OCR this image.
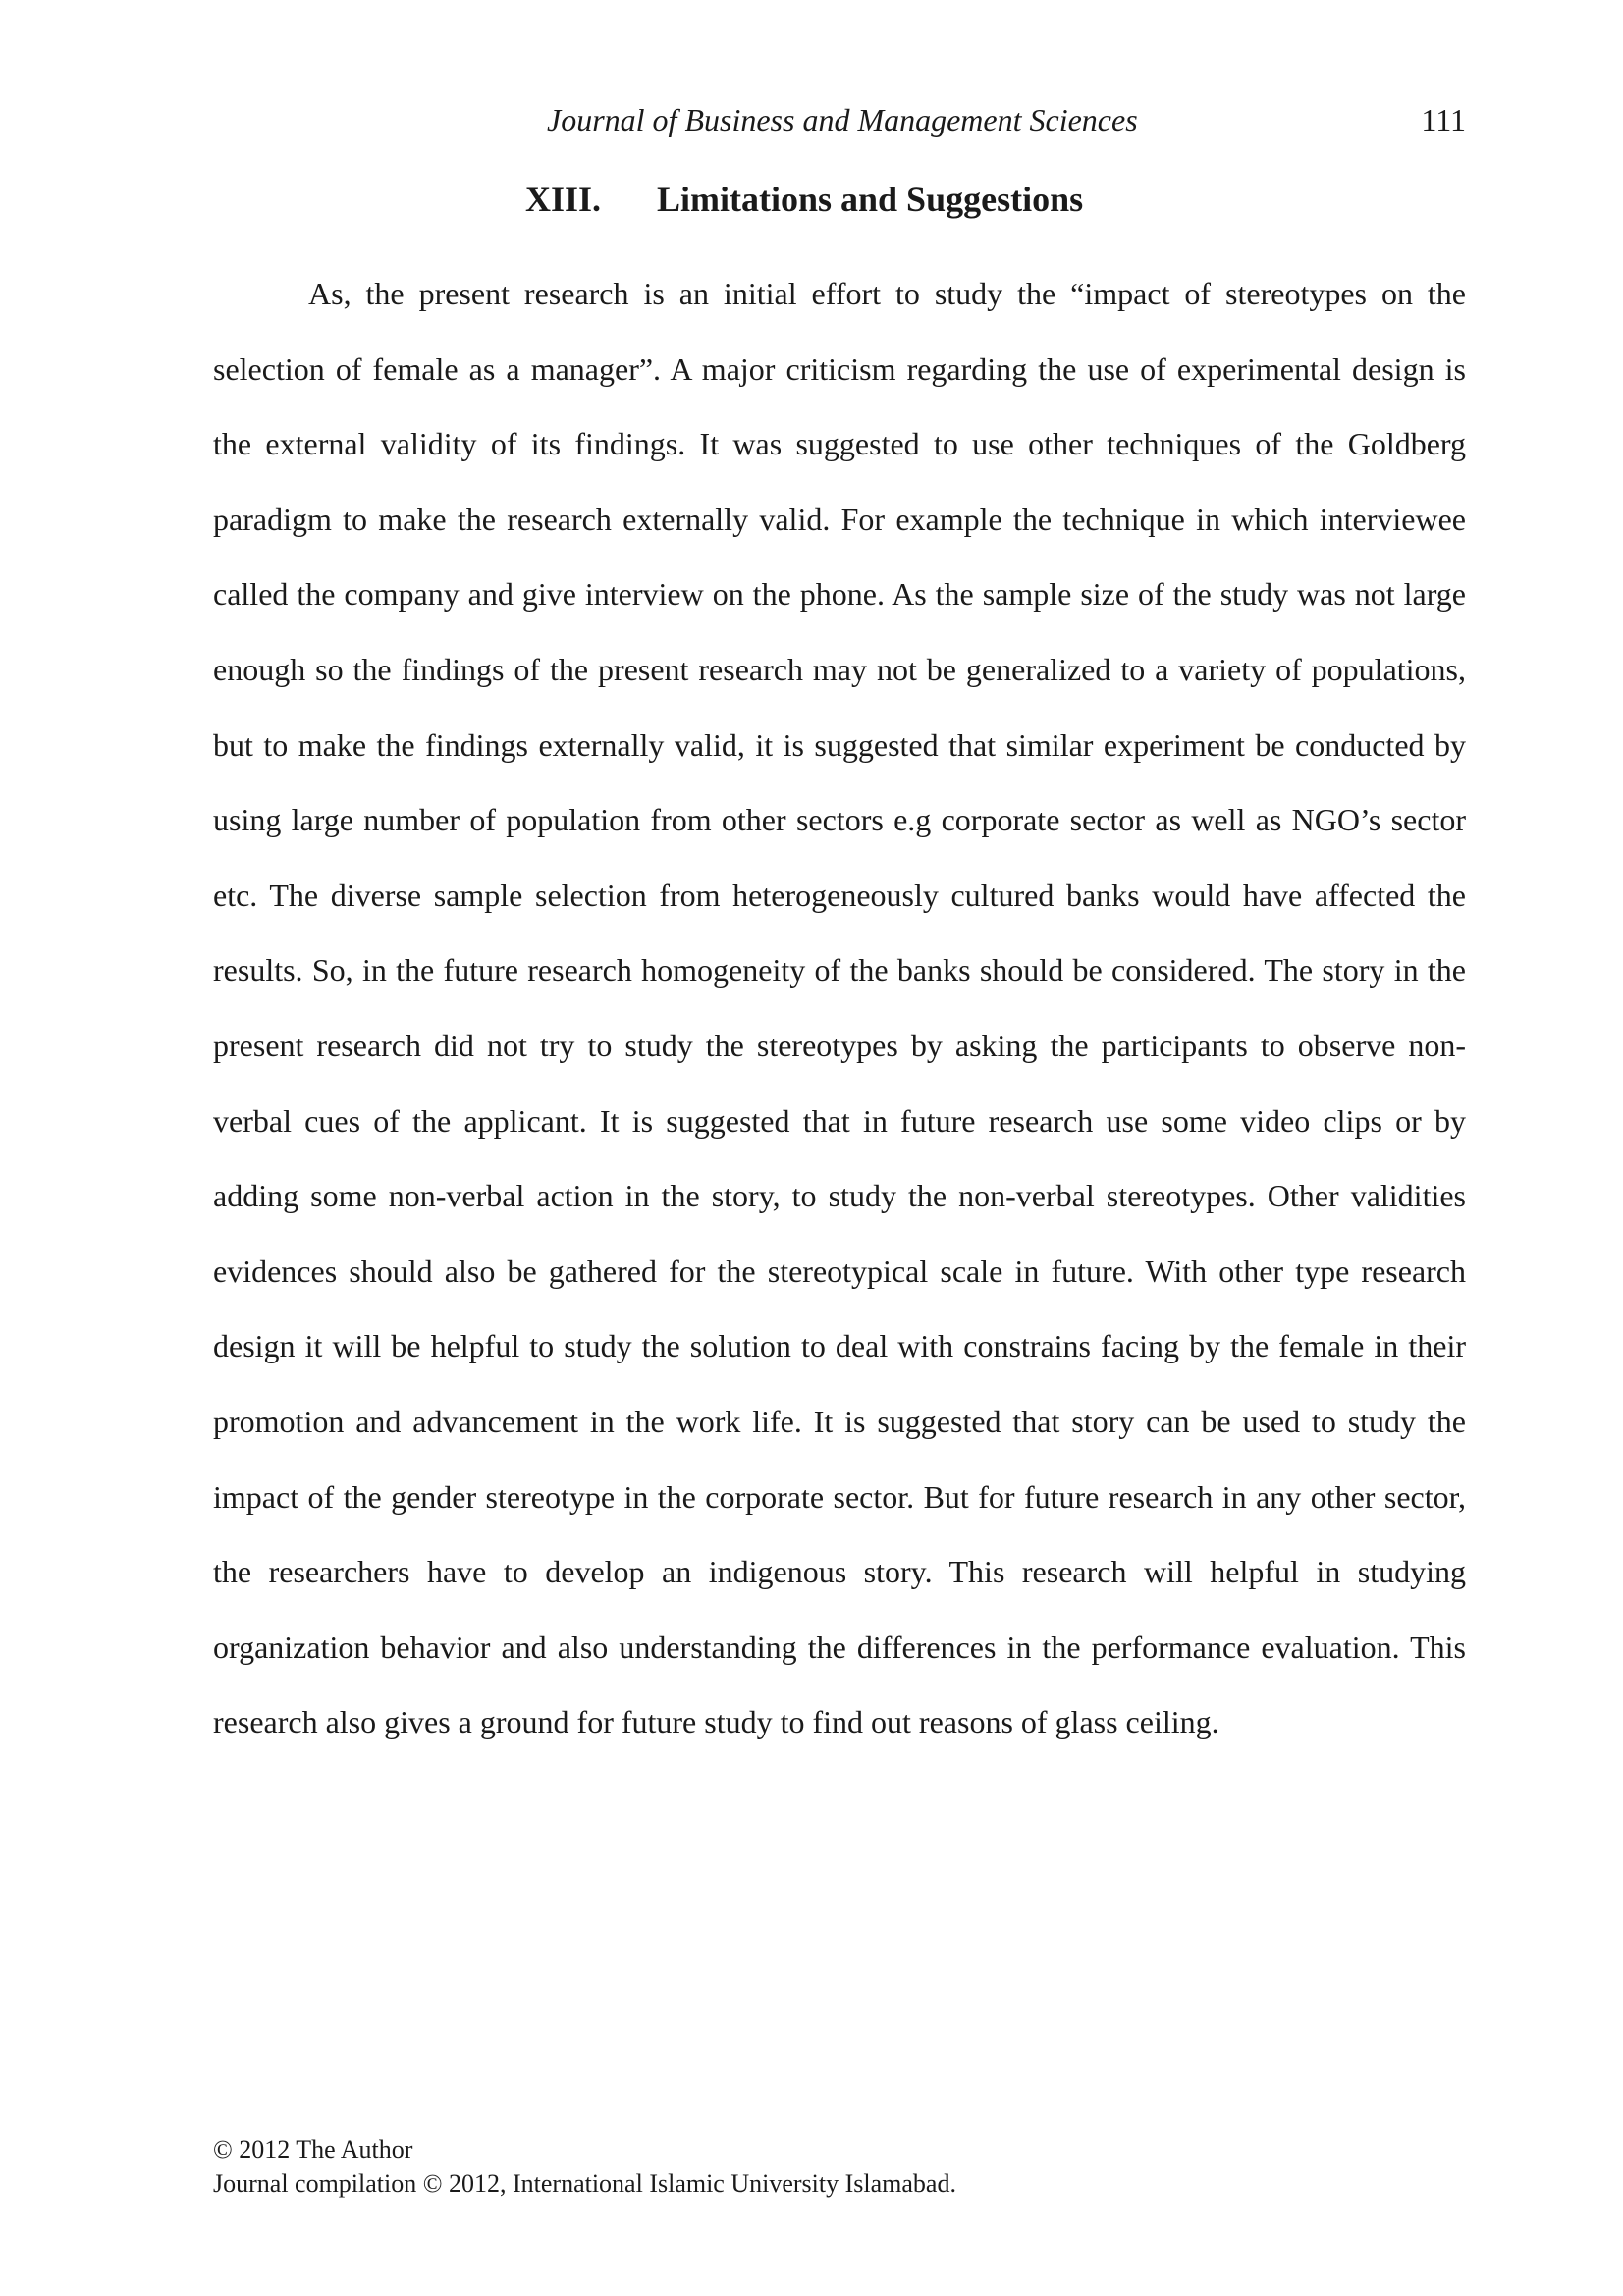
Journal of Business and Management Sciences	111
XIII. Limitations and Suggestions

As, the present research is an initial effort to study the “impact of stereotypes on the selection of female as a manager”. A major criticism regarding the use of experimental design is the external validity of its findings. It was suggested to use other techniques of the Goldberg paradigm to make the research externally valid. For example the technique in which interviewee called the company and give interview on the phone. As the sample size of the study was not large enough so the findings of the present research may not be generalized to a variety of populations, but to make the findings externally valid, it is suggested that similar experiment be conducted by using large number of population from other sectors e.g corporate sector as well as NGO’s sector etc. The diverse sample selection from heterogeneously cultured banks would have affected the results. So, in the future research homogeneity of the banks should be considered. The story in the present research did not try to study the stereotypes by asking the participants to observe non-verbal cues of the applicant. It is suggested that in future research use some video clips or by adding some non-verbal action in the story, to study the non-verbal stereotypes. Other validities evidences should also be gathered for the stereotypical scale in future. With other type research design it will be helpful to study the solution to deal with constrains facing by the female in their promotion and advancement in the work life. It is suggested that story can be used to study the impact of the gender stereotype in the corporate sector. But for future research in any other sector, the researchers have to develop an indigenous story. This research will helpful in studying organization behavior and also understanding the differences in the performance evaluation. This research also gives a ground for future study to find out reasons of glass ceiling.

© 2012 The Author
Journal compilation © 2012, International Islamic University Islamabad.
